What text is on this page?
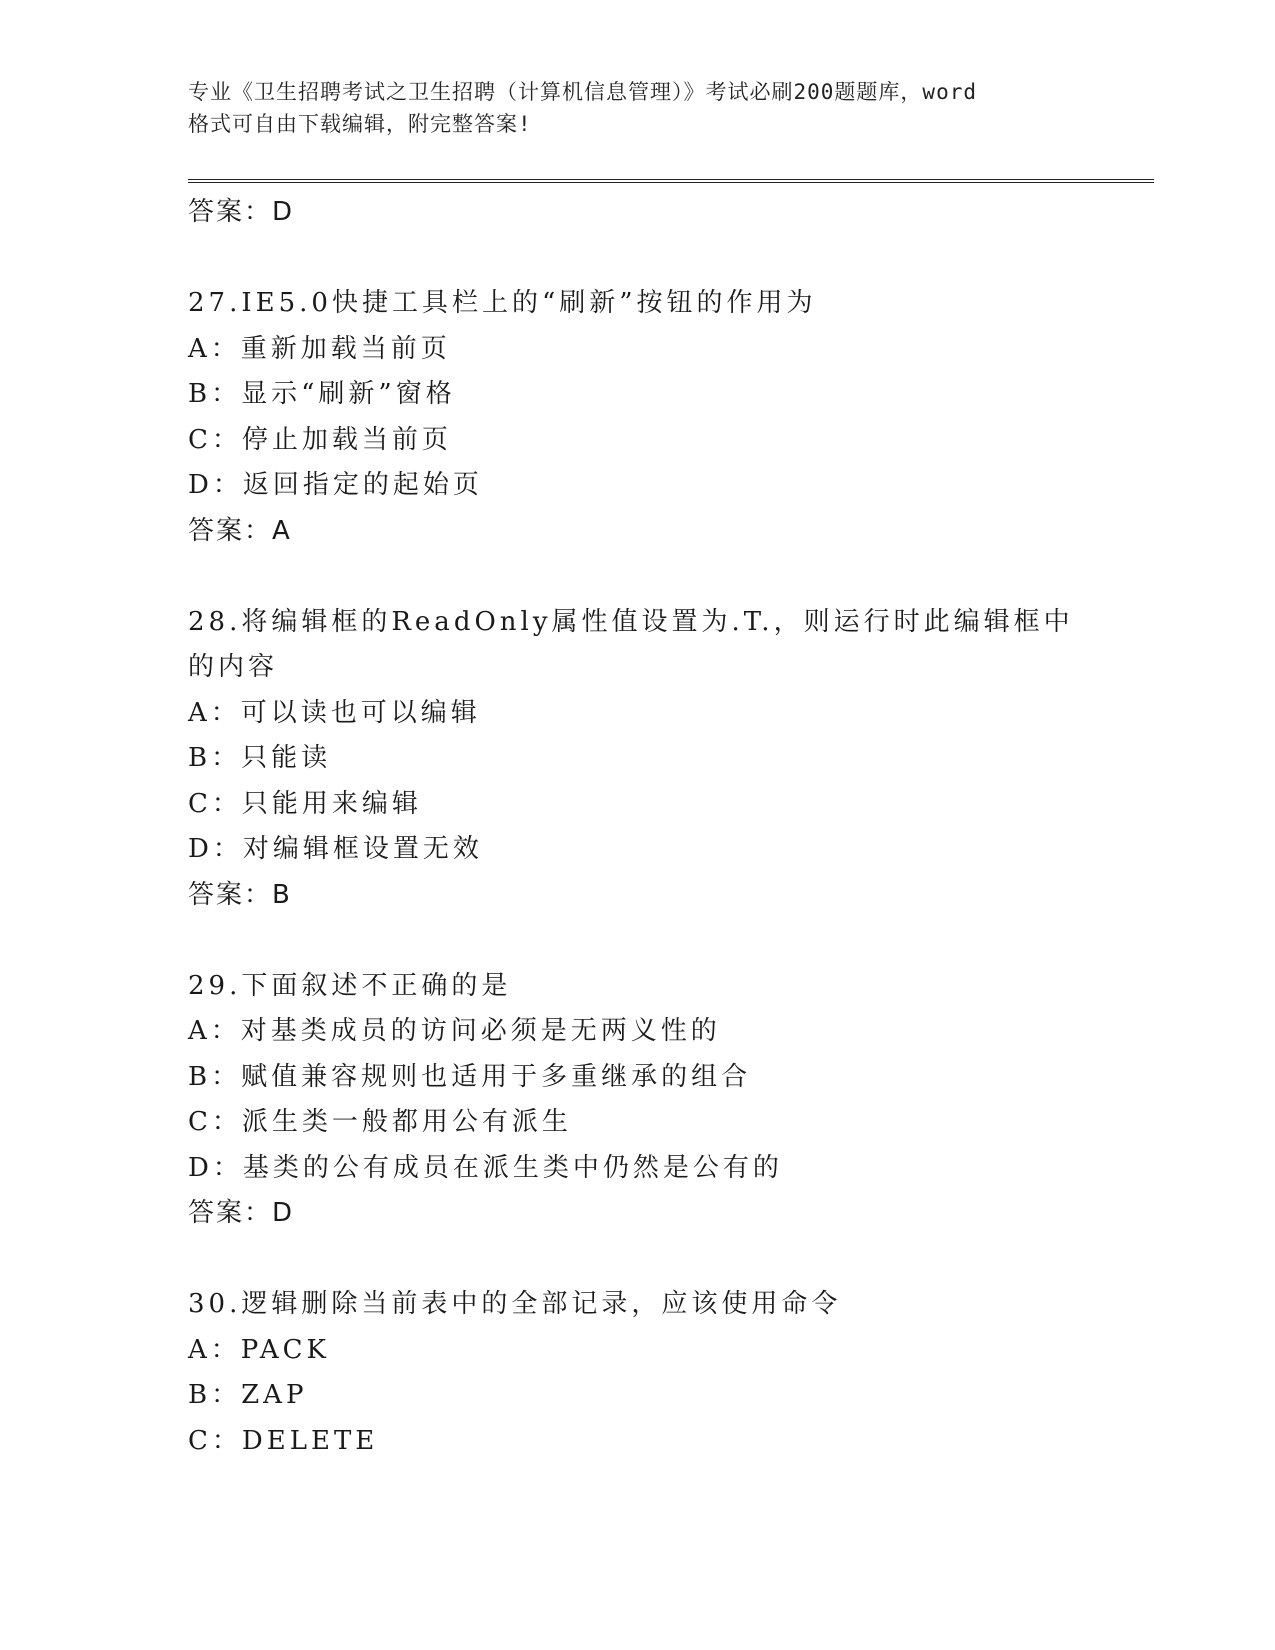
专业《卫生招聘考试之卫生招聘（计算机信息管理）》考试必刷200题题库，word
格式可自由下载编辑，附完整答案!
答案：D
27.IE5.0快捷工具栏上的“刷新”按钮的作用为
A：重新加载当前页
B：显示“刷新”窗格
C：停止加载当前页
D：返回指定的起始页
答案：A
28.将编辑框的ReadOnly属性值设置为.T.，则运行时此编辑框中的内容
A：可以读也可以编辑
B：只能读
C：只能用来编辑
D：对编辑框设置无效
答案：B
29.下面叙述不正确的是
A：对基类成员的访问必须是无两义性的
B：赋值兼容规则也适用于多重继承的组合
C：派生类一般都用公有派生
D：基类的公有成员在派生类中仍然是公有的
答案：D
30.逻辑删除当前表中的全部记录，应该使用命令
A：PACK
B：ZAP
C：DELETE
